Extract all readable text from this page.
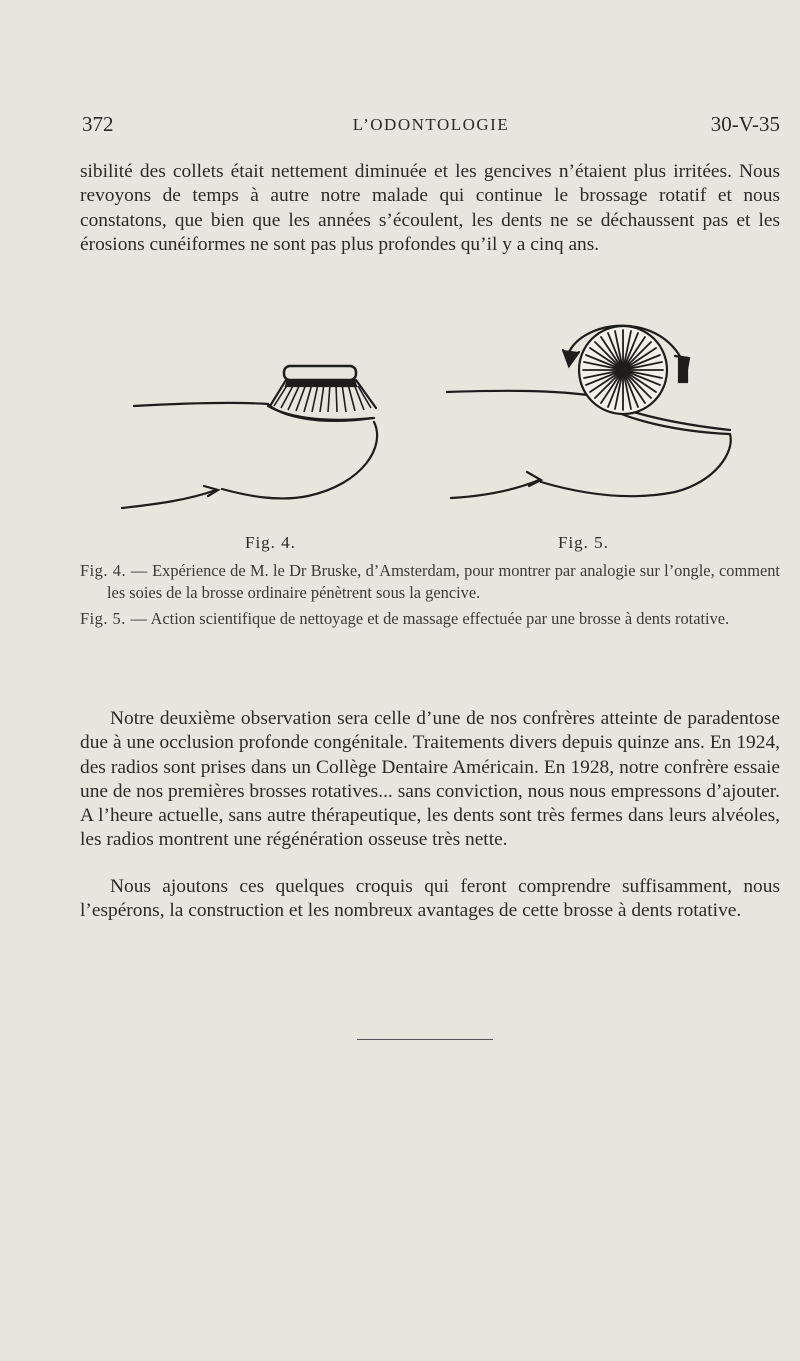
372	L’ODONTOLOGIE	30-V-35

sibilité des collets était nettement diminuée et les gencives n’étaient plus irritées. Nous revoyons de temps à autre notre malade qui continue le brossage rotatif et nous constatons, que bien que les années s’écoulent, les dents ne se déchaussent pas et les érosions cunéiformes ne sont pas plus profondes qu’il y a cinq ans.

Fig. 4.	Fig. 5.

Fig. 4. — Expérience de M. le Dr Bruske, d’Amsterdam, pour montrer par analogie sur l’ongle, comment les soies de la brosse ordinaire pénètrent sous la gencive.

Fig. 5. — Action scientifique de nettoyage et de massage effectuée par une brosse à dents rotative.

Notre deuxième observation sera celle d’une de nos confrères atteinte de paradentose due à une occlusion profonde congénitale. Traitements divers depuis quinze ans. En 1924, des radios sont prises dans un Collège Dentaire Américain. En 1928, notre confrère essaie une de nos premières brosses rotatives... sans conviction, nous nous empressons d’ajouter. A l’heure actuelle, sans autre thérapeutique, les dents sont très fermes dans leurs alvéoles, les radios montrent une régénération osseuse très nette.

Nous ajoutons ces quelques croquis qui feront comprendre suffisamment, nous l’espérons, la construction et les nombreux avantages de cette brosse à dents rotative.
